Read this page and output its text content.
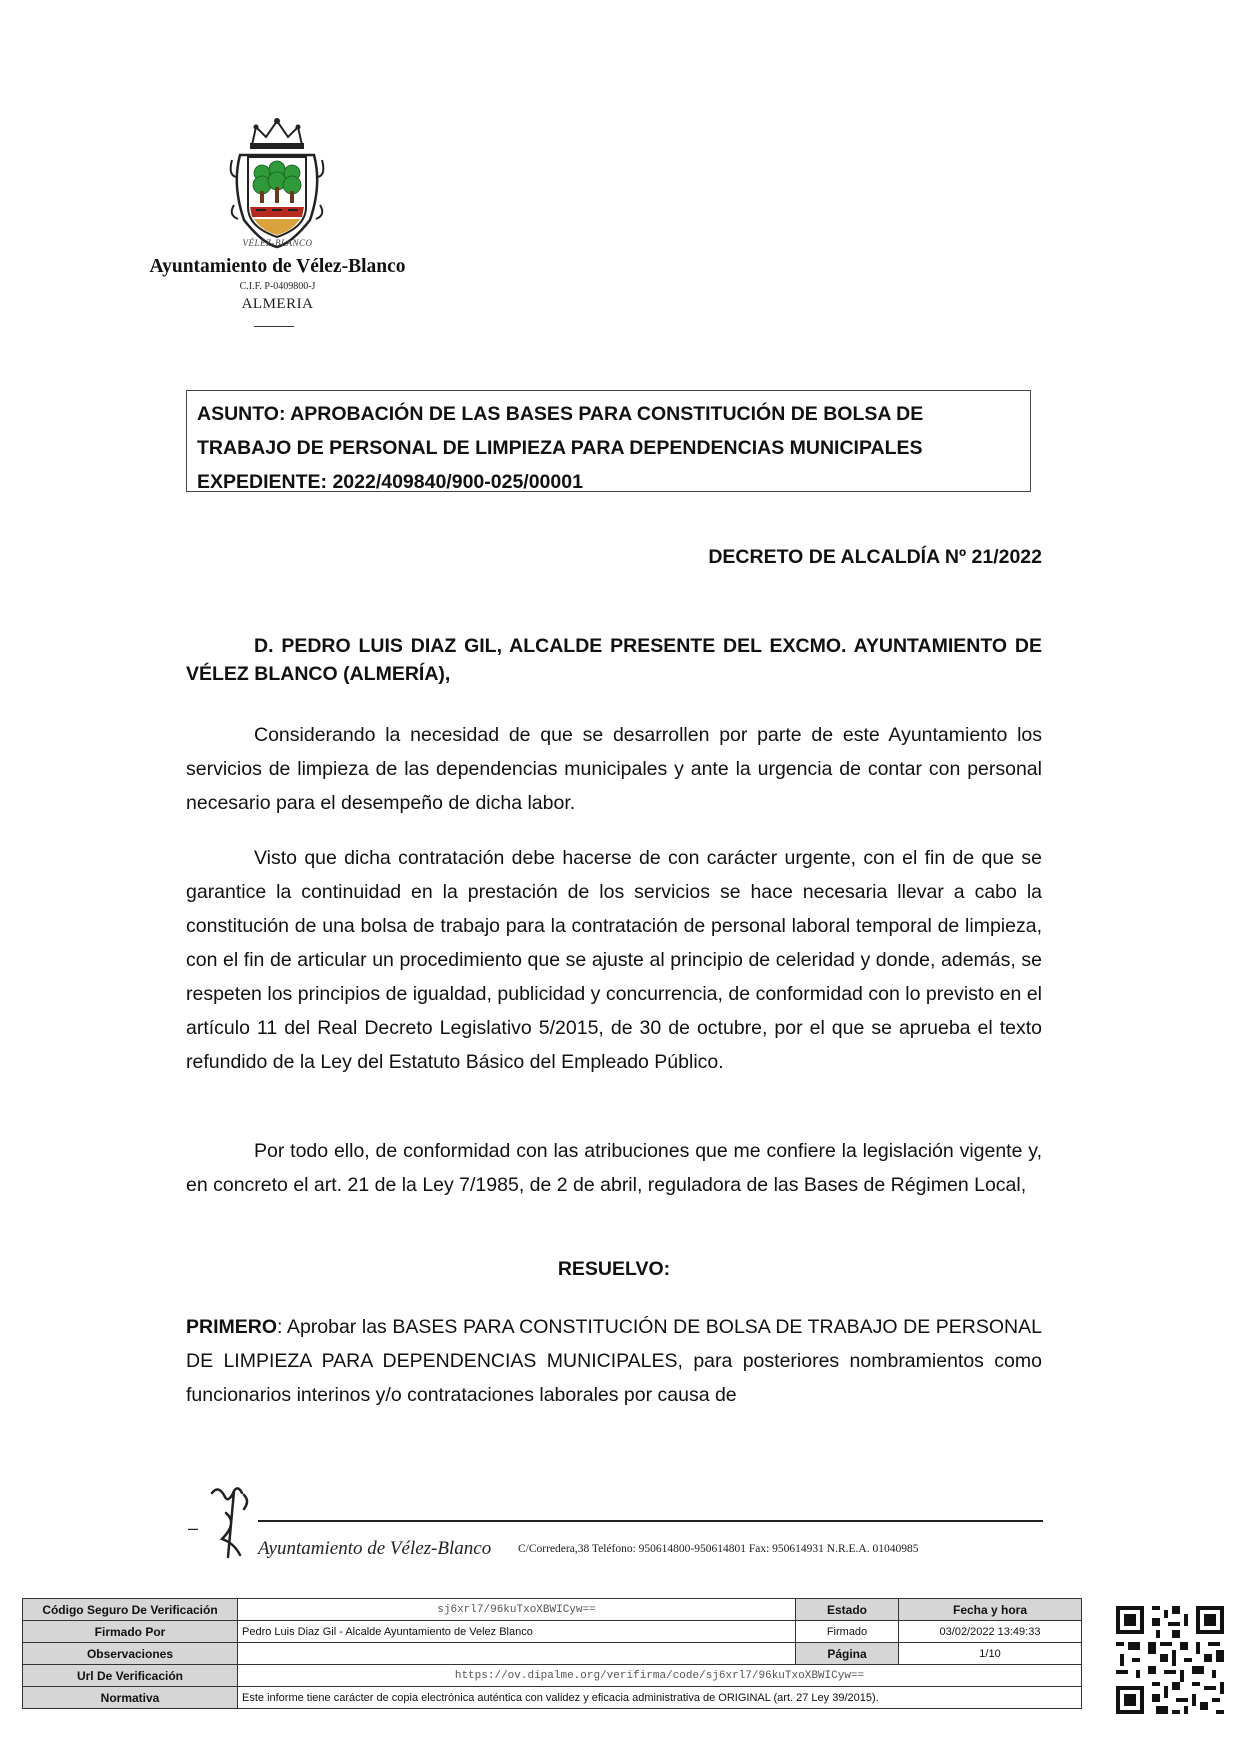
VÉLEZ-BLANCO
Ayuntamiento de Vélez-Blanco
C.I.F. P-0409800-J
ALMERIA
ASUNTO: APROBACIÓN DE LAS BASES PARA CONSTITUCIÓN DE BOLSA DE
TRABAJO DE PERSONAL DE LIMPIEZA PARA DEPENDENCIAS MUNICIPALES
EXPEDIENTE: 2022/409840/900-025/00001
DECRETO DE ALCALDÍA Nº 21/2022

D. PEDRO LUIS DIAZ GIL, ALCALDE PRESENTE DEL EXCMO. AYUNTAMIENTO DE VÉLEZ BLANCO (ALMERÍA),

Considerando la necesidad de que se desarrollen por parte de este Ayuntamiento los servicios de limpieza de las dependencias municipales y ante la urgencia de contar con personal necesario para el desempeño de dicha labor.

Visto que dicha contratación debe hacerse de con carácter urgente, con el fin de que se garantice la continuidad en la prestación de los servicios se hace necesaria llevar a cabo la constitución de una bolsa de trabajo para la contratación de personal laboral temporal de limpieza, con el fin de articular un procedimiento que se ajuste al principio de celeridad y donde, además, se respeten los principios de igualdad, publicidad y concurrencia, de conformidad con lo previsto en el artículo 11 del Real Decreto Legislativo 5/2015, de 30 de octubre, por el que se aprueba el texto refundido de la Ley del Estatuto Básico del Empleado Público.

Por todo ello, de conformidad con las atribuciones que me confiere la legislación vigente y, en concreto el art. 21 de la Ley 7/1985, de 2 de abril, reguladora de las Bases de Régimen Local,

RESUELVO:

PRIMERO: Aprobar las BASES PARA CONSTITUCIÓN DE BOLSA DE TRABAJO DE PERSONAL DE LIMPIEZA PARA DEPENDENCIAS MUNICIPALES, para posteriores nombramientos como funcionarios interinos y/o contrataciones laborales por causa de

–
Ayuntamiento de Vélez-Blanco C/Corredera,38 Teléfono: 950614800-950614801 Fax: 950614931 N.R.E.A. 01040985
Código Seguro De Verificación	sj6xrl7/96kuTxoXBWICyw==	Estado	Fecha y hora
Firmado Por	Pedro Luis Diaz Gil - Alcalde Ayuntamiento de Velez Blanco	Firmado	03/02/2022 13:49:33
Observaciones		Página	1/10
Url De Verificación	https://ov.dipalme.org/verifirma/code/sj6xrl7/96kuTxoXBWICyw==		
Normativa	Este informe tiene carácter de copia electrónica auténtica con validez y eficacia administrativa de ORIGINAL (art. 27 Ley 39/2015).		
